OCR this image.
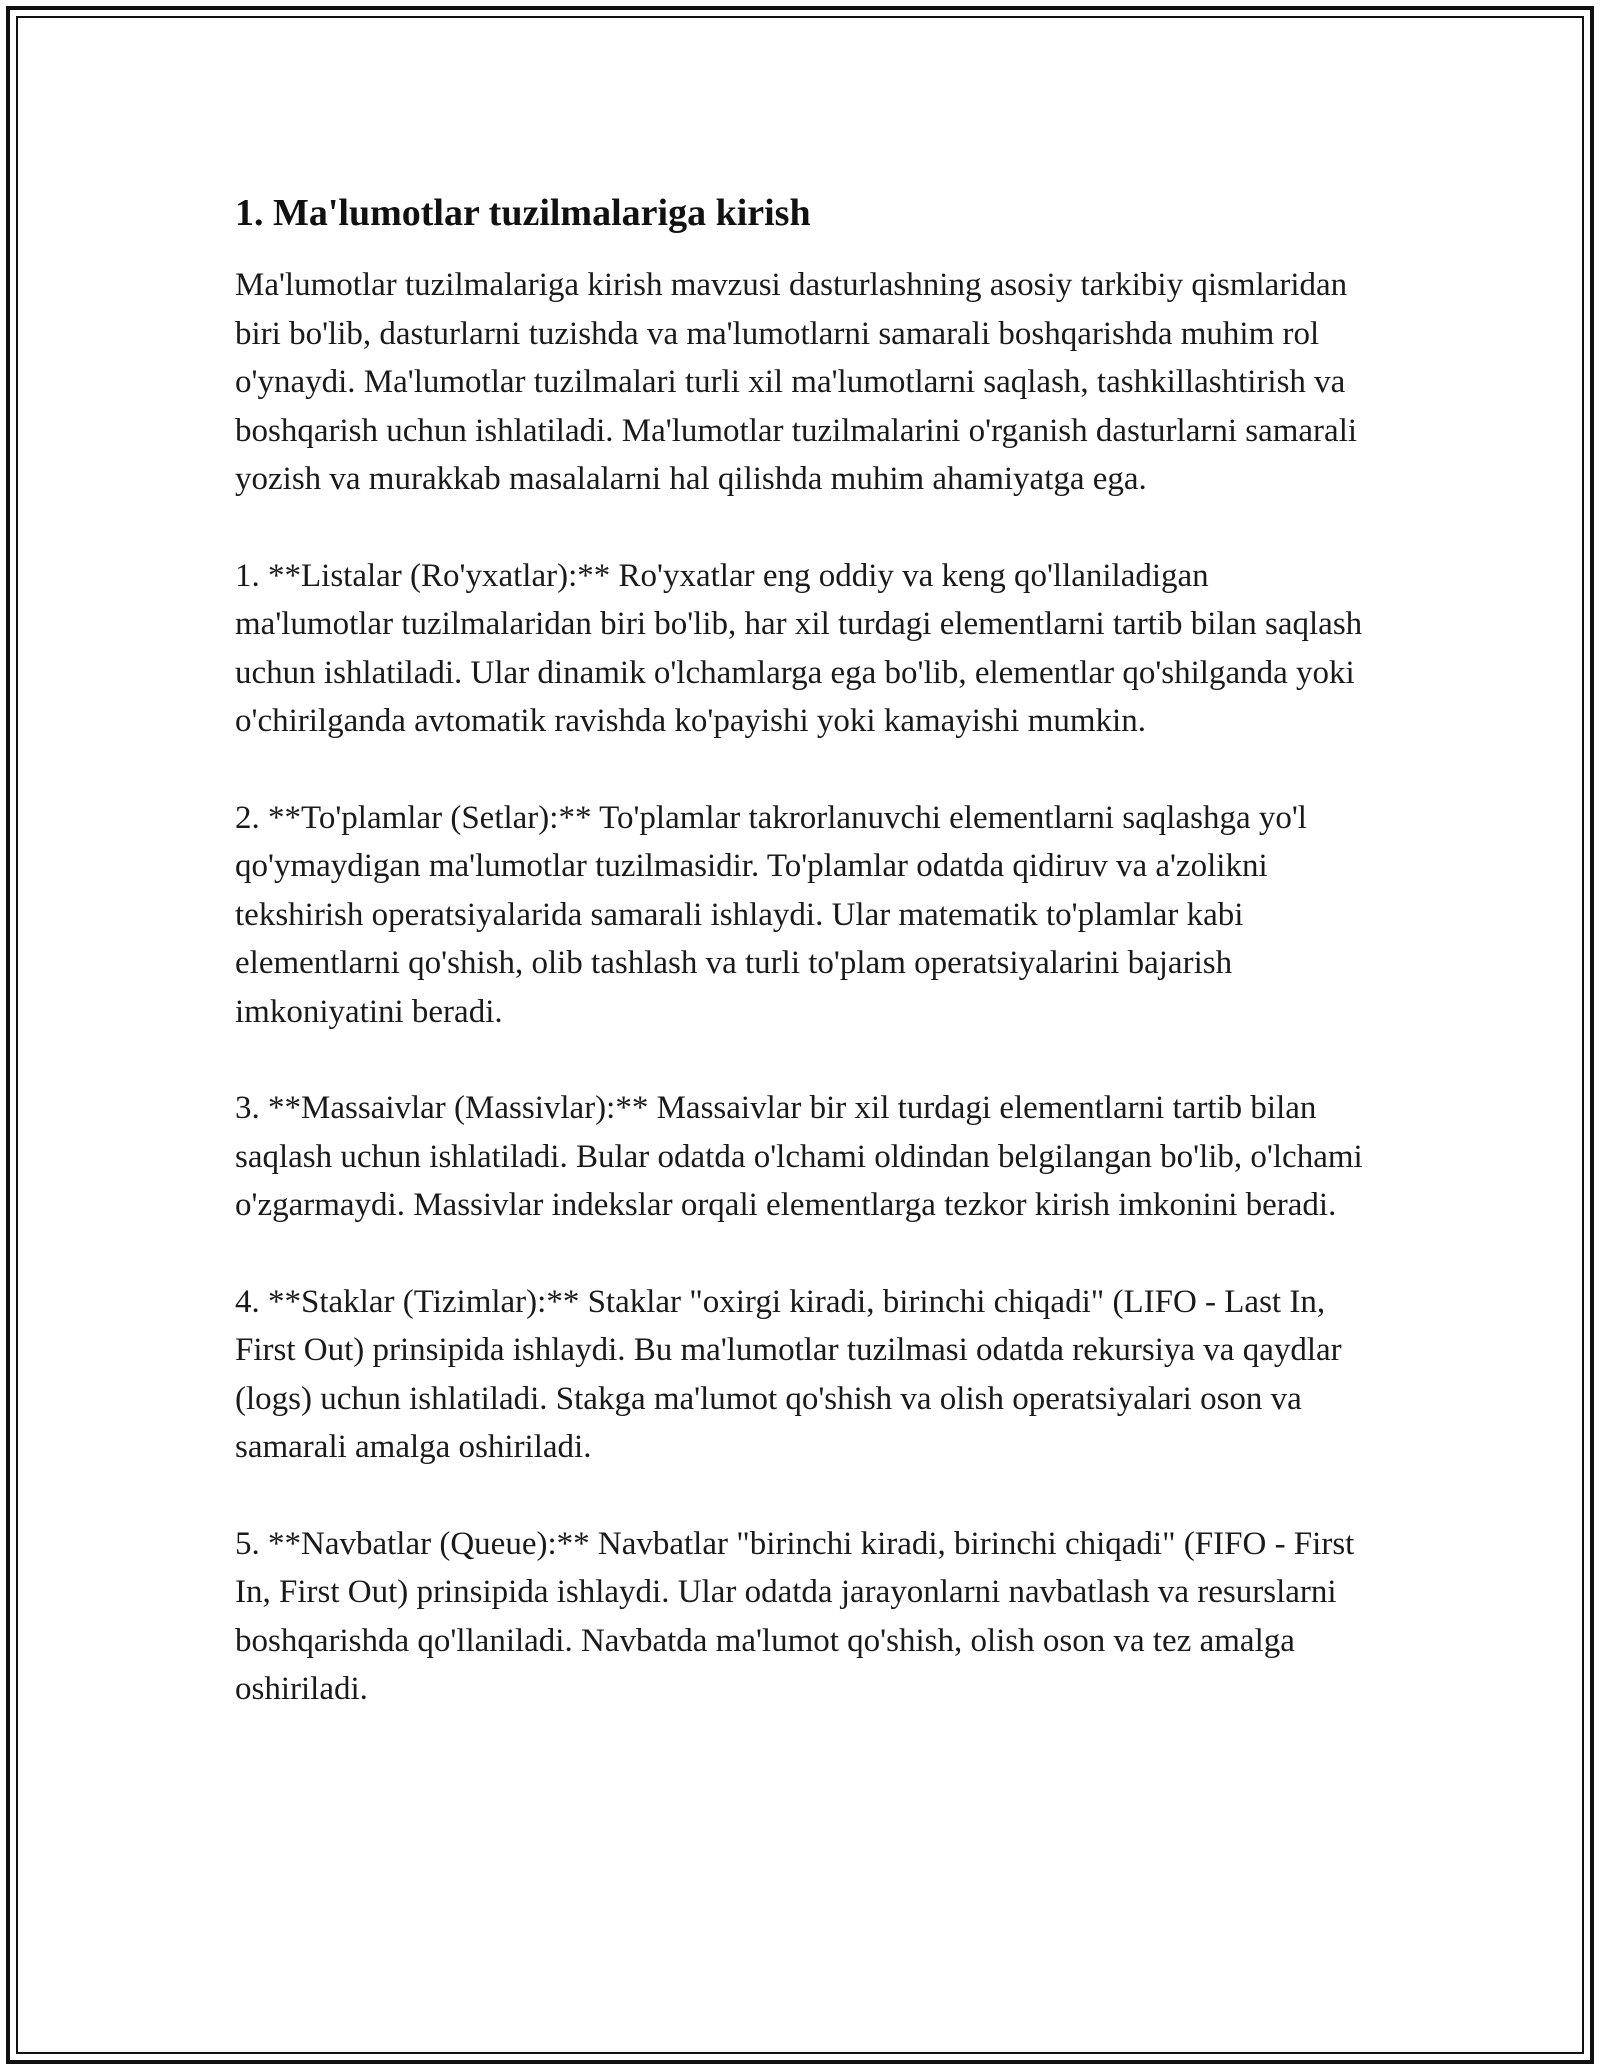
1. Ma'lumotlar tuzilmalariga kirish

Ma'lumotlar tuzilmalariga kirish mavzusi dasturlashning asosiy tarkibiy qismlaridan biri bo'lib, dasturlarni tuzishda va ma'lumotlarni samarali boshqarishda muhim rol o'ynaydi. Ma'lumotlar tuzilmalari turli xil ma'lumotlarni saqlash, tashkillashtirish va boshqarish uchun ishlatiladi. Ma'lumotlar tuzilmalarini o'rganish dasturlarni samarali yozish va murakkab masalalarni hal qilishda muhim ahamiyatga ega.

1. **Listalar (Ro'yxatlar):** Ro'yxatlar eng oddiy va keng qo'llaniladigan ma'lumotlar tuzilmalaridan biri bo'lib, har xil turdagi elementlarni tartib bilan saqlash uchun ishlatiladi. Ular dinamik o'lchamlarga ega bo'lib, elementlar qo'shilganda yoki o'chirilganda avtomatik ravishda ko'payishi yoki kamayishi mumkin.

2. **To'plamlar (Setlar):** To'plamlar takrorlanuvchi elementlarni saqlashga yo'l qo'ymaydigan ma'lumotlar tuzilmasidir. To'plamlar odatda qidiruv va a'zolikni tekshirish operatsiyalarida samarali ishlaydi. Ular matematik to'plamlar kabi elementlarni qo'shish, olib tashlash va turli to'plam operatsiyalarini bajarish imkoniyatini beradi.

3. **Massaivlar (Massivlar):** Massaivlar bir xil turdagi elementlarni tartib bilan saqlash uchun ishlatiladi. Bular odatda o'lchami oldindan belgilangan bo'lib, o'lchami o'zgarmaydi. Massivlar indekslar orqali elementlarga tezkor kirish imkonini beradi.

4. **Staklar (Tizimlar):** Staklar "oxirgi kiradi, birinchi chiqadi" (LIFO - Last In, First Out) prinsipida ishlaydi. Bu ma'lumotlar tuzilmasi odatda rekursiya va qaydlar (logs) uchun ishlatiladi. Stakga ma'lumot qo'shish va olish operatsiyalari oson va samarali amalga oshiriladi.

5. **Navbatlar (Queue):** Navbatlar "birinchi kiradi, birinchi chiqadi" (FIFO - First In, First Out) prinsipida ishlaydi. Ular odatda jarayonlarni navbatlash va resurslarni boshqarishda qo'llaniladi. Navbatda ma'lumot qo'shish, olish oson va tez amalga oshiriladi.
